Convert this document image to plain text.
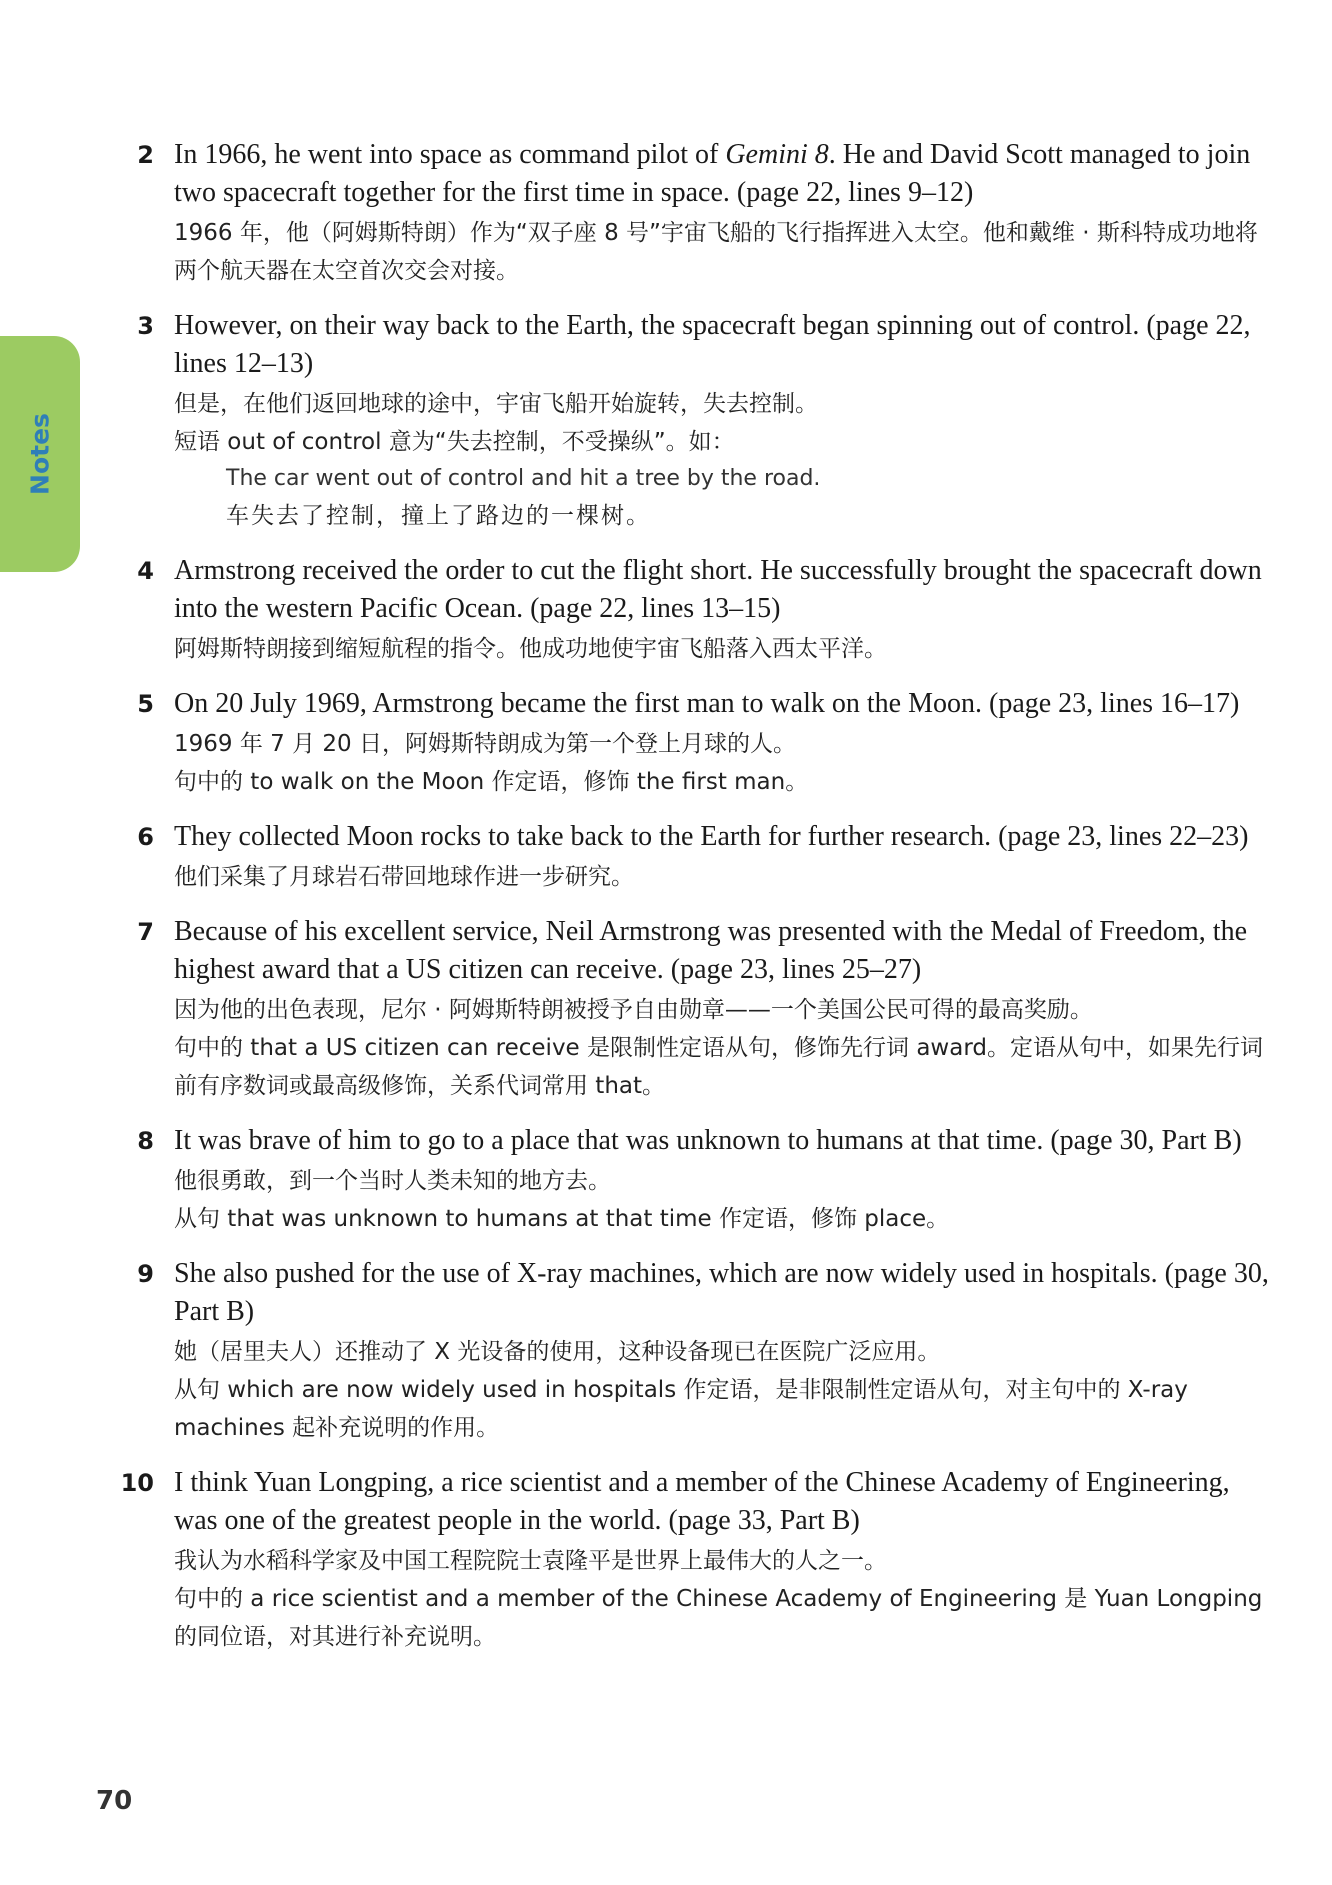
Notes
2 In 1966, he went into space as command pilot of Gemini 8. He and David Scott managed to join two spacecraft together for the first time in space. (page 22, lines 9–12)
1966 年，他（阿姆斯特朗）作为“双子座 8 号”宇宙飞船的飞行指挥进入太空。他和戴维 · 斯科特成功地将两个航天器在太空首次交会对接。
3 However, on their way back to the Earth, the spacecraft began spinning out of control. (page 22, lines 12–13)
但是，在他们返回地球的途中，宇宙飞船开始旋转，失去控制。
短语 out of control 意为“失去控制，不受操纵”。如：
The car went out of control and hit a tree by the road.
车失去了控制，撞上了路边的一棵树。
4 Armstrong received the order to cut the flight short. He successfully brought the spacecraft down into the western Pacific Ocean. (page 22, lines 13–15)
阿姆斯特朗接到缩短航程的指令。他成功地使宇宙飞船落入西太平洋。
5 On 20 July 1969, Armstrong became the first man to walk on the Moon. (page 23, lines 16–17)
1969 年 7 月 20 日，阿姆斯特朗成为第一个登上月球的人。
句中的 to walk on the Moon 作定语，修饰 the first man。
6 They collected Moon rocks to take back to the Earth for further research. (page 23, lines 22–23)
他们采集了月球岩石带回地球作进一步研究。
7 Because of his excellent service, Neil Armstrong was presented with the Medal of Freedom, the highest award that a US citizen can receive. (page 23, lines 25–27)
因为他的出色表现，尼尔 · 阿姆斯特朗被授予自由勋章——一个美国公民可得的最高奖励。
句中的 that a US citizen can receive 是限制性定语从句，修饰先行词 award。定语从句中，如果先行词前有序数词或最高级修饰，关系代词常用 that。
8 It was brave of him to go to a place that was unknown to humans at that time. (page 30, Part B)
他很勇敢，到一个当时人类未知的地方去。
从句 that was unknown to humans at that time 作定语，修饰 place。
9 She also pushed for the use of X-ray machines, which are now widely used in hospitals. (page 30, Part B)
她（居里夫人）还推动了 X 光设备的使用，这种设备现已在医院广泛应用。
从句 which are now widely used in hospitals 作定语，是非限制性定语从句，对主句中的 X-ray machines 起补充说明的作用。
10 I think Yuan Longping, a rice scientist and a member of the Chinese Academy of Engineering, was one of the greatest people in the world. (page 33, Part B)
我认为水稻科学家及中国工程院院士袁隆平是世界上最伟大的人之一。
句中的 a rice scientist and a member of the Chinese Academy of Engineering 是 Yuan Longping 的同位语，对其进行补充说明。
70
